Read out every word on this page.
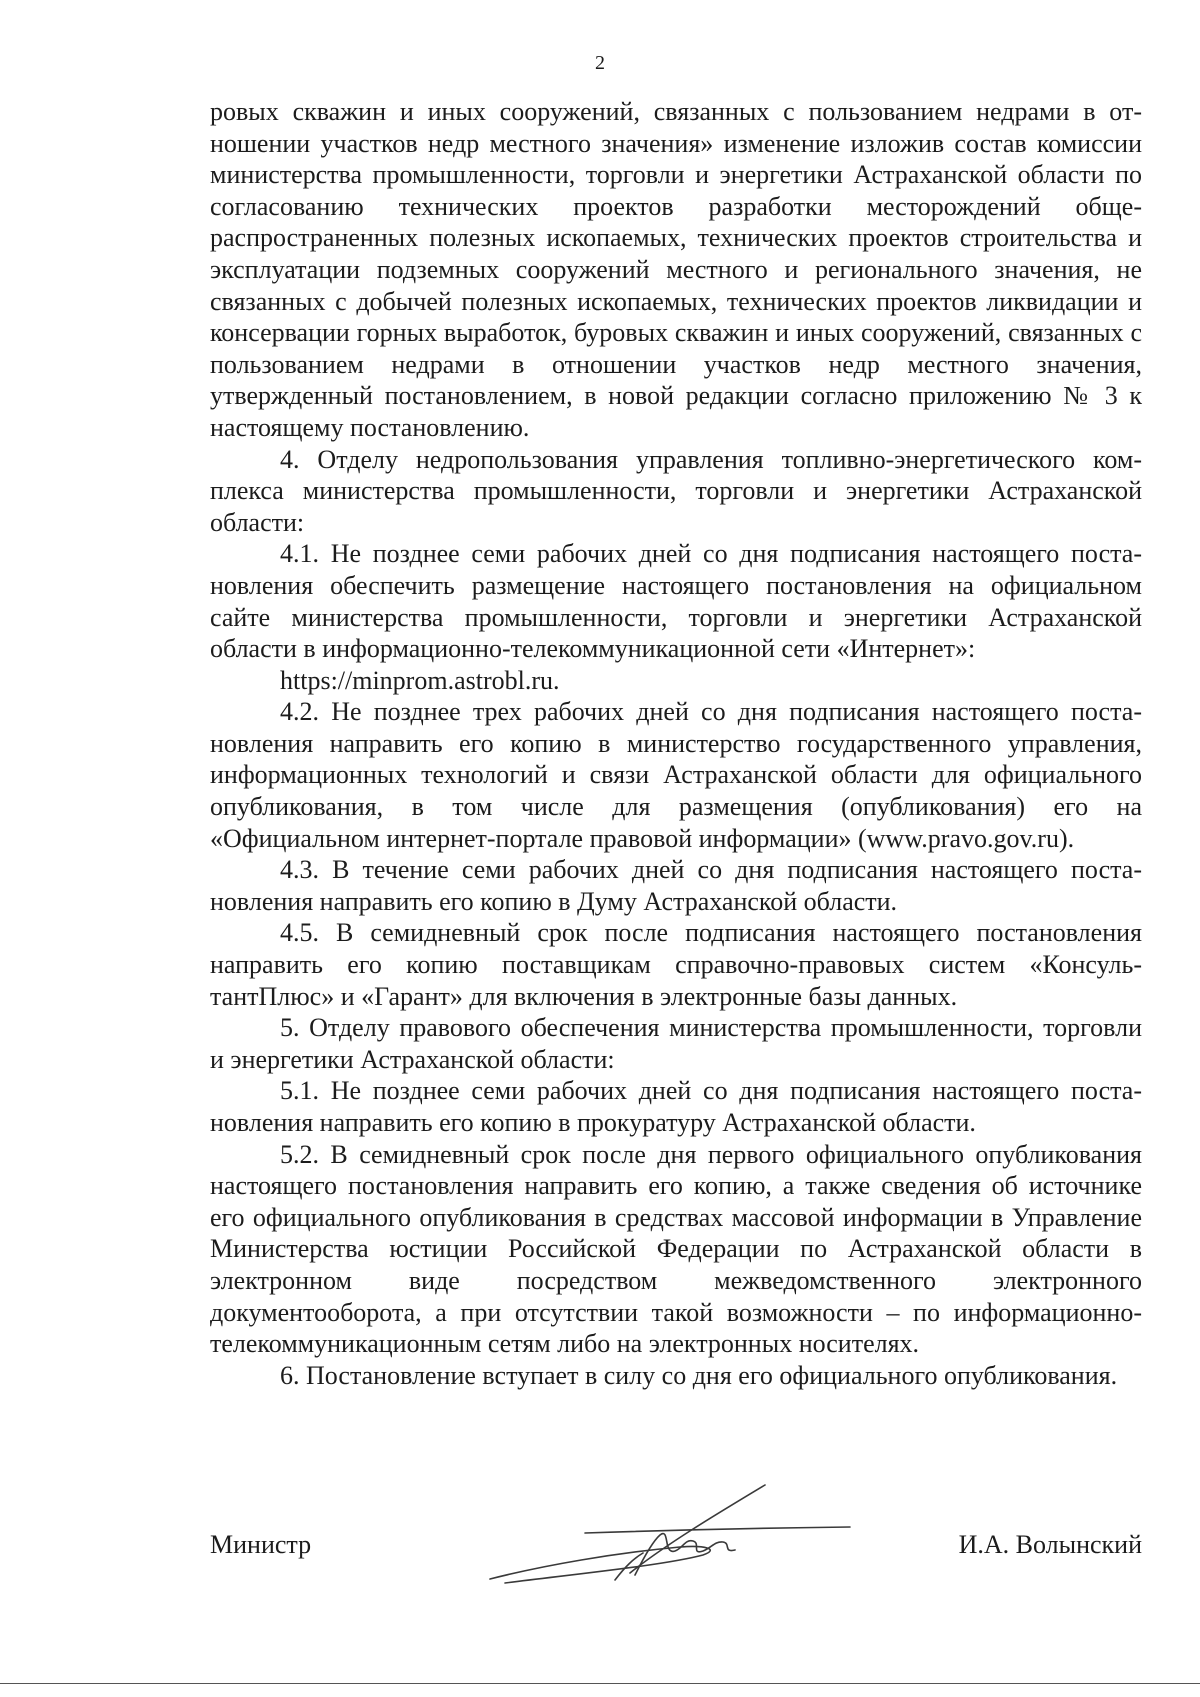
2

ровых скважин и иных сооружений, связанных с пользованием недрами в отношении участков недр местного значения» изменение изложив состав комиссии министерства промышленности, торговли и энергетики Астраханской области по согласованию технических проектов разработки месторождений общераспространенных полезных ископаемых, технических проектов строительства и эксплуатации подземных сооружений местного и регионального значения, не связанных с добычей полезных ископаемых, технических проектов ликвидации и консервации горных выработок, буровых скважин и иных сооружений, связанных с пользованием недрами в отношении участков недр местного значения, утвержденный постановлением, в новой редакции согласно приложению № 3 к настоящему постановлению.

4. Отделу недропользования управления топливно-энергетического комплекса министерства промышленности, торговли и энергетики Астраханской области:

4.1. Не позднее семи рабочих дней со дня подписания настоящего постановления обеспечить размещение настоящего постановления на официальном сайте министерства промышленности, торговли и энергетики Астраханской области в информационно-телекоммуникационной сети «Интернет»:
https://minprom.astrobl.ru.

4.2. Не позднее трех рабочих дней со дня подписания настоящего постановления направить его копию в министерство государственного управления, информационных технологий и связи Астраханской области для официального опубликования, в том числе для размещения (опубликования) его на «Официальном интернет-портале правовой информации» (www.pravo.gov.ru).

4.3. В течение семи рабочих дней со дня подписания настоящего постановления направить его копию в Думу Астраханской области.

4.5. В семидневный срок после подписания настоящего постановления направить его копию поставщикам справочно-правовых систем «КонсультантПлюс» и «Гарант» для включения в электронные базы данных.

5. Отделу правового обеспечения министерства промышленности, торговли и энергетики Астраханской области:

5.1. Не позднее семи рабочих дней со дня подписания настоящего постановления направить его копию в прокуратуру Астраханской области.

5.2. В семидневный срок после дня первого официального опубликования настоящего постановления направить его копию, а также сведения об источнике его официального опубликования в средствах массовой информации в Управление Министерства юстиции Российской Федерации по Астраханской области в электронном виде посредством межведомственного электронного документооборота, а при отсутствии такой возможности – по информационно-телекоммуникационным сетям либо на электронных носителях.

6. Постановление вступает в силу со дня его официального опубликования.

Министр	И.А. Волынский
